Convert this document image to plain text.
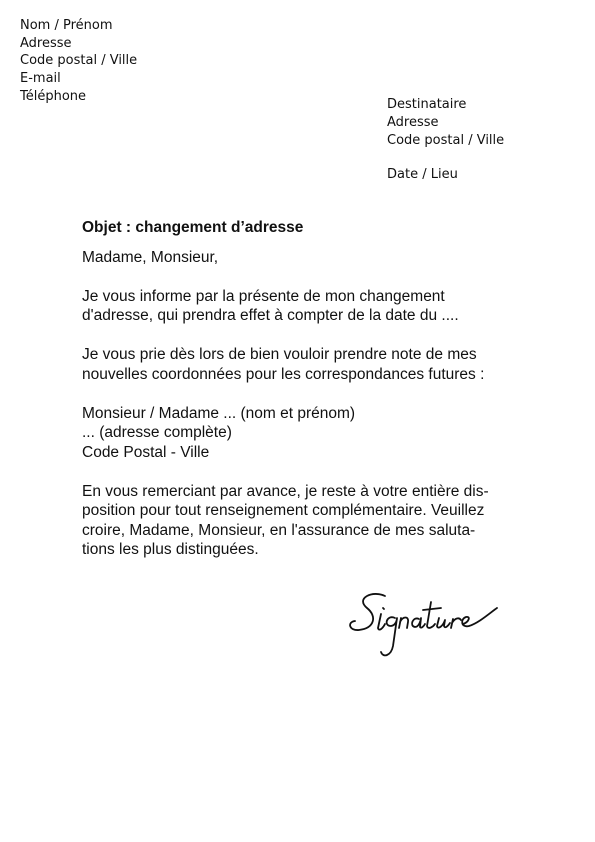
Nom / Prénom
Adresse
Code postal / Ville
E-mail
Téléphone
Destinataire
Adresse
Code postal / Ville
Date / Lieu

Objet : changement d’adresse

Madame, Monsieur,

Je vous informe par la présente de mon changement
d'adresse, qui prendra effet à compter de la date du ....

Je vous prie dès lors de bien vouloir prendre note de mes
nouvelles coordonnées pour les correspondances futures :

Monsieur / Madame ... (nom et prénom)
... (adresse complète)
Code Postal - Ville

En vous remerciant par avance, je reste à votre entière dis-
position pour tout renseignement complémentaire. Veuillez
croire, Madame, Monsieur, en l'assurance de mes saluta-
tions les plus distinguées.
